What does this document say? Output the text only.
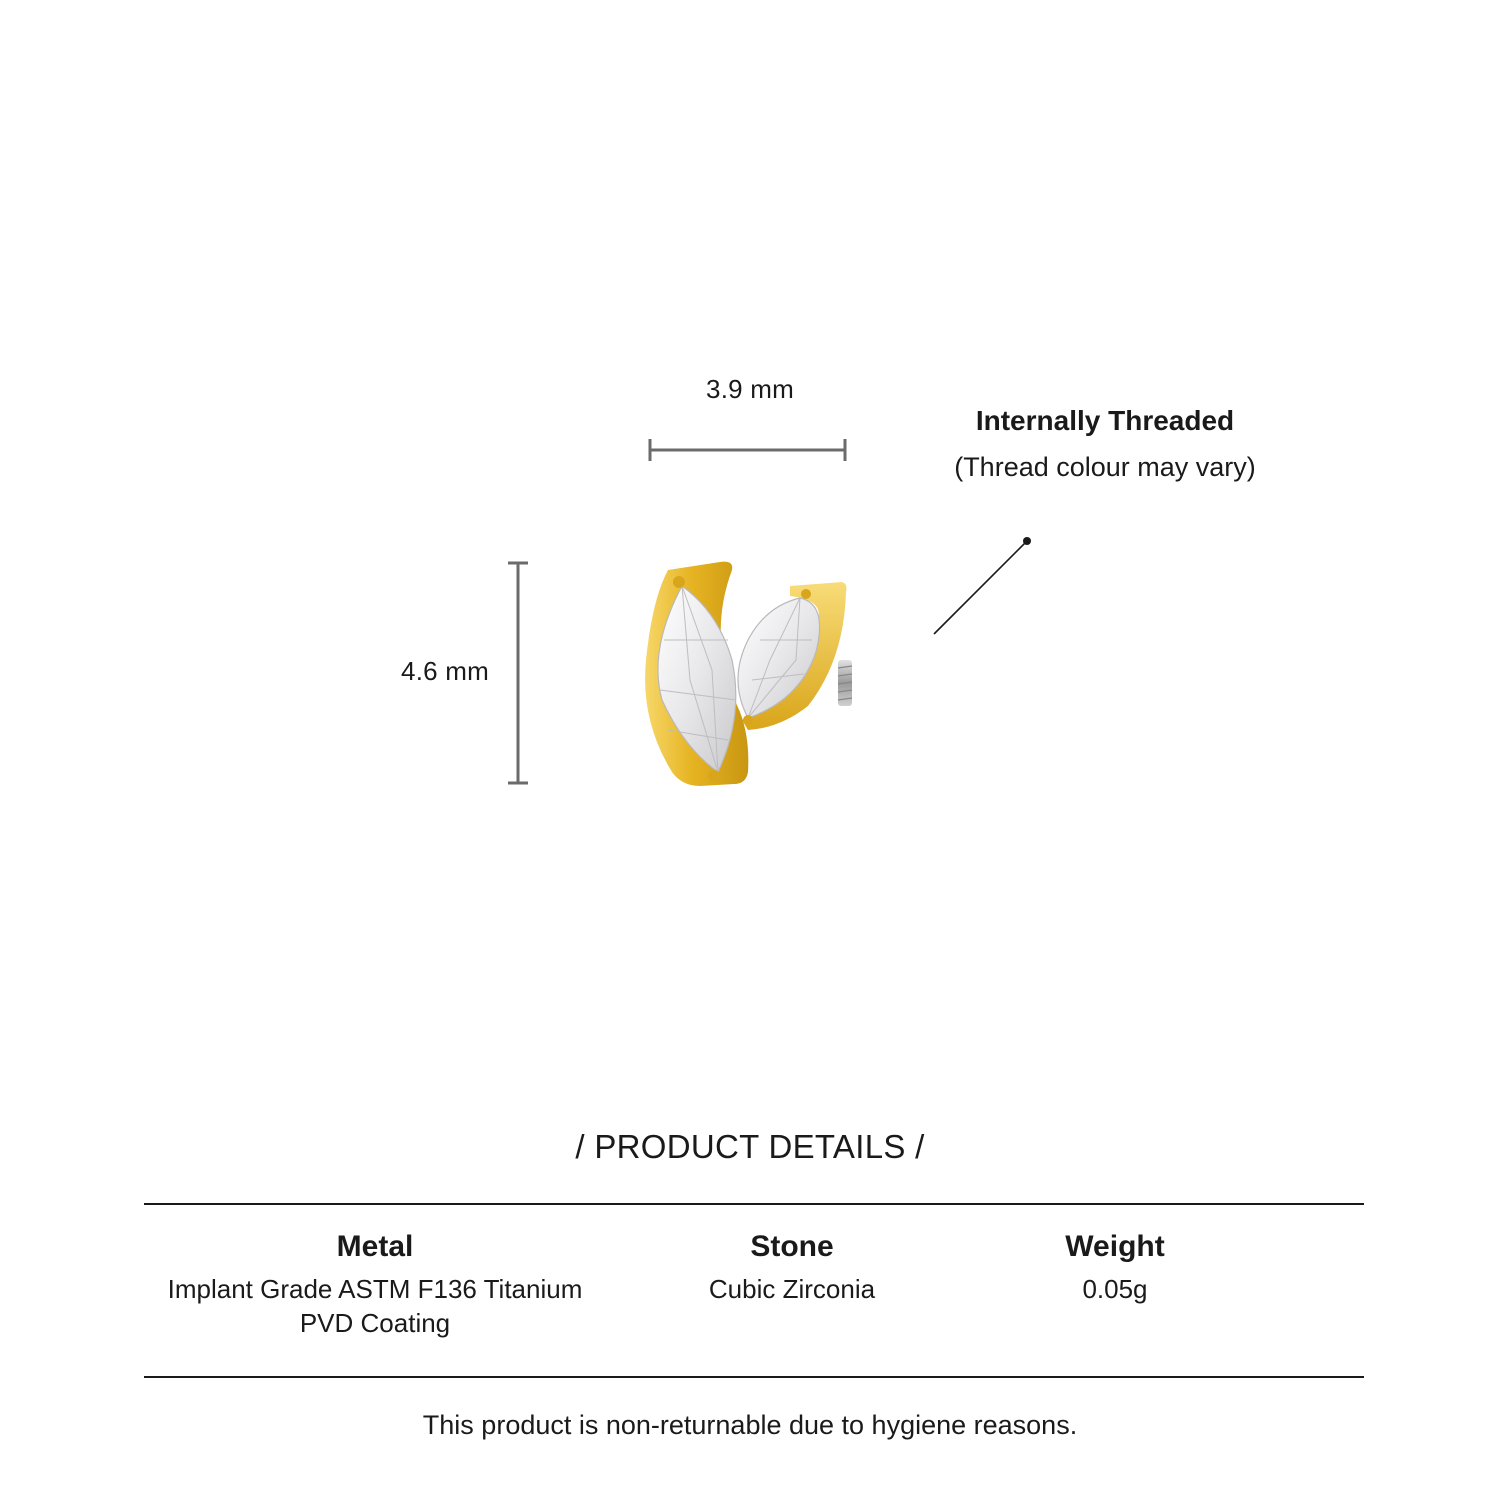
3.9 mm
4.6 mm
Internally Threaded
(Thread colour may vary)
/ PRODUCT DETAILS /
Metal
Implant Grade ASTM F136 Titanium
PVD Coating
Stone
Cubic Zirconia
Weight
0.05g
This product is non-returnable due to hygiene reasons.
